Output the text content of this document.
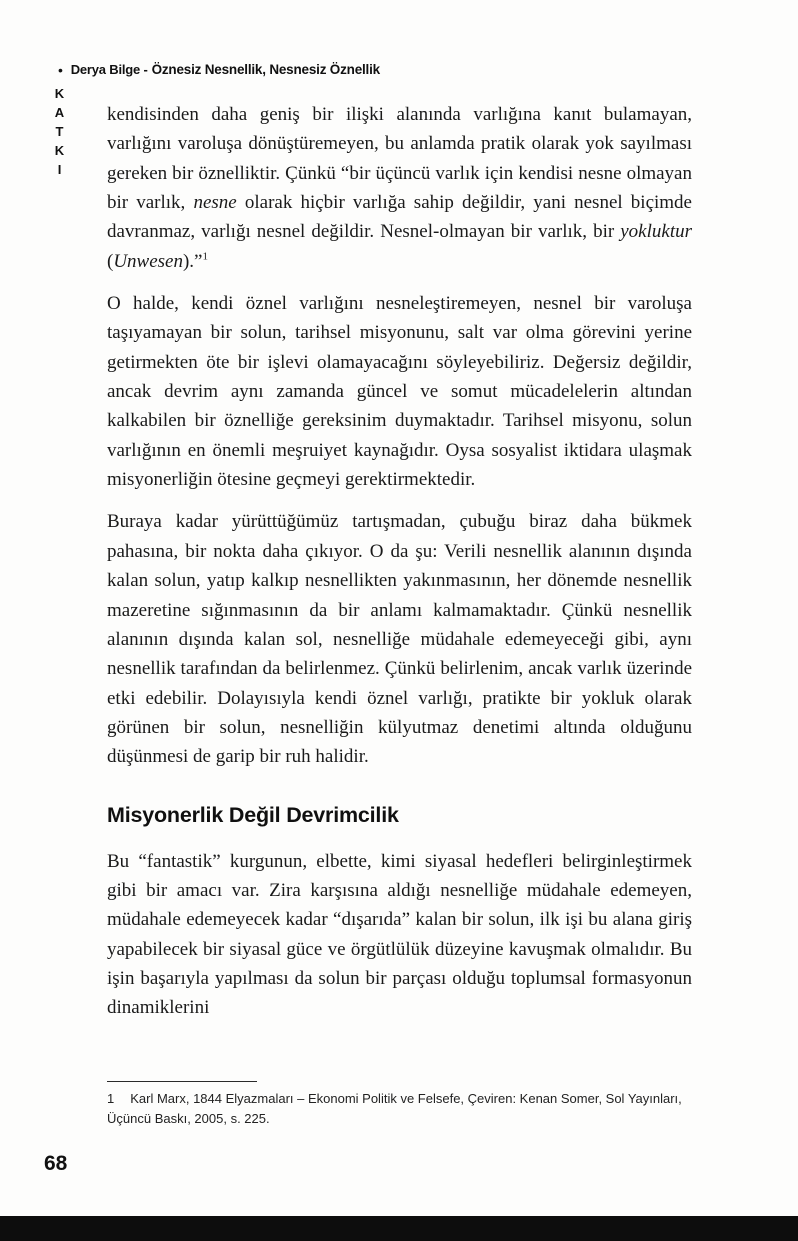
• Derya Bilge - Öznesiz Nesnellik, Nesnesiz Öznellik
KATKI kendisinden daha geniş bir ilişki alanında varlığına kanıt bulamayan, varlığını varoluşa dönüştüremeyen, bu anlamda pratik olarak yok sayılması gereken bir öznelliktir. Çünkü “bir üçüncü varlık için kendisi nesne olmayan bir varlık, nesne olarak hiçbir varlığa sahip değildir, yani nesnel biçimde davranmaz, varlığı nesnel değildir. Nesnel-olmayan bir varlık, bir yokluktur (Unwesen).”$^1$

O halde, kendi öznel varlığını nesneleştiremeyen, nesnel bir varoluşa taşıyamayan bir solun, tarihsel misyonunu, salt var olma görevini yerine getirmekten öte bir işlevi olamayacağını söyleyebiliriz. Değersiz değildir, ancak devrim aynı zamanda güncel ve somut mücadelelerin altından kalkabilen bir öznelliğe gereksinim duymaktadır. Tarihsel misyonu, solun varlığının en önemli meşruiyet kaynağıdır. Oysa sosyalist iktidara ulaşmak misyonerliğin ötesine geçmeyi gerektirmektedir.

Buraya kadar yürüttüğümüz tartışmadan, çubuğu biraz daha bükmek pahasına, bir nokta daha çıkıyor. O da şu: Verili nesnellik alanının dışında kalan solun, yatıp kalkıp nesnellikten yakınmasının, her dönemde nesnellik mazeretine sığınmasının da bir anlamı kalmamaktadır. Çünkü nesnellik alanının dışında kalan sol, nesnelliğe müdahale edemeyeceği gibi, aynı nesnellik tarafından da belirlenmez. Çünkü belirlenim, ancak varlık üzerinde etki edebilir. Dolayısıyla kendi öznel varlığı, pratikte bir yokluk olarak görünen bir solun, nesnelliğin külyutmaz denetimi altında olduğunu düşünmesi de garip bir ruh halidir.

Misyonerlik Değil Devrimcilik

Bu “fantastik” kurgunun, elbette, kimi siyasal hedefleri belirginleştirmek gibi bir amacı var. Zira karşısına aldığı nesnelliğe müdahale edemeyen, müdahale edemeyecek kadar “dışarıda” kalan bir solun, ilk işi bu alana giriş yapabilecek bir siyasal güce ve örgütlülük düzeyine kavuşmak olmalıdır. Bu işin başarıyla yapılması da solun bir parçası olduğu toplumsal formasyonun dinamiklerini

1 Karl Marx, 1844 Elyazmaları – Ekonomi Politik ve Felsefe, Çeviren: Kenan Somer, Sol Yayınları, Üçüncü Baskı, 2005, s. 225.
68
